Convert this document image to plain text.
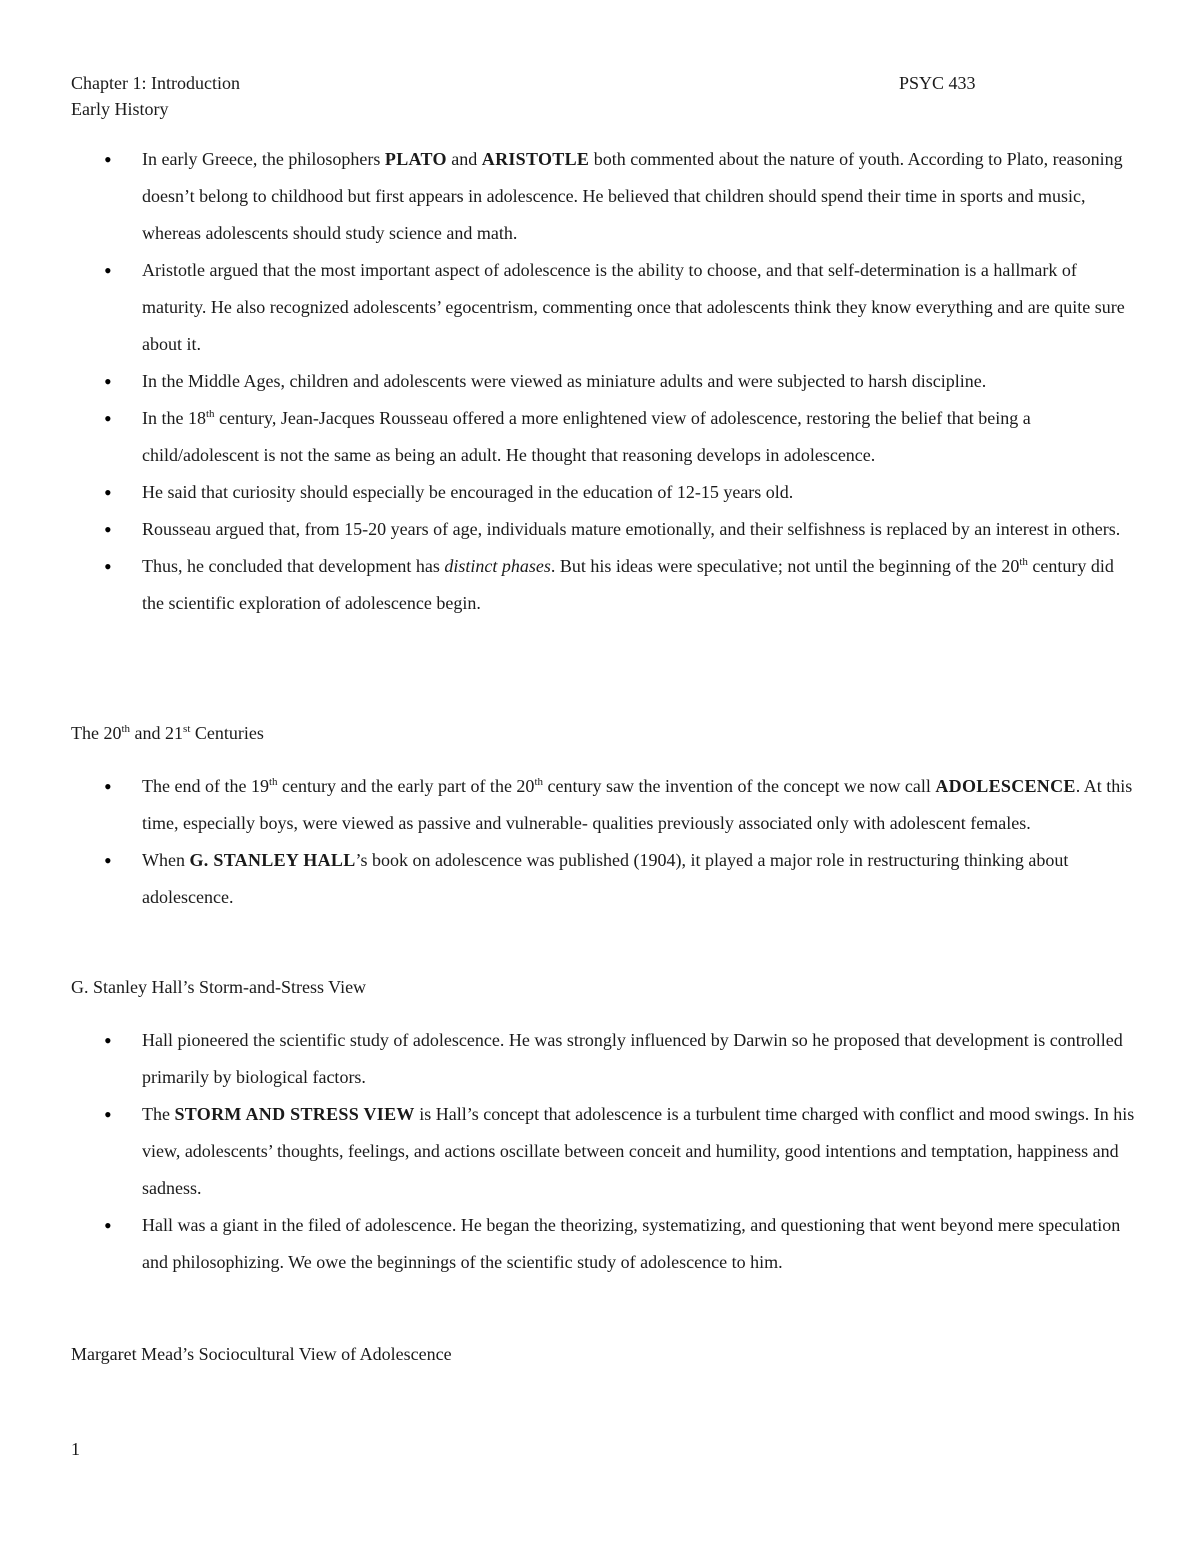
Chapter 1: Introduction
Early History
PSYC 433
• In early Greece, the philosophers PLATO and ARISTOTLE both commented about the nature of youth. According to Plato, reasoning doesn’t belong to childhood but first appears in adolescence. He believed that children should spend their time in sports and music, whereas adolescents should study science and math.
• Aristotle argued that the most important aspect of adolescence is the ability to choose, and that self-determination is a hallmark of maturity. He also recognized adolescents’ egocentrism, commenting once that adolescents think they know everything and are quite sure about it.
• In the Middle Ages, children and adolescents were viewed as miniature adults and were subjected to harsh discipline.
• In the 18th century, Jean-Jacques Rousseau offered a more enlightened view of adolescence, restoring the belief that being a child/adolescent is not the same as being an adult. He thought that reasoning develops in adolescence.
• He said that curiosity should especially be encouraged in the education of 12-15 years old.
• Rousseau argued that, from 15-20 years of age, individuals mature emotionally, and their selfishness is replaced by an interest in others.
• Thus, he concluded that development has distinct phases. But his ideas were speculative; not until the beginning of the 20th century did the scientific exploration of adolescence begin.
The 20th and 21st Centuries
• The end of the 19th century and the early part of the 20th century saw the invention of the concept we now call ADOLESCENCE. At this time, especially boys, were viewed as passive and vulnerable- qualities previously associated only with adolescent females.
• When G. STANLEY HALL’s book on adolescence was published (1904), it played a major role in restructuring thinking about adolescence.
G. Stanley Hall’s Storm-and-Stress View
• Hall pioneered the scientific study of adolescence. He was strongly influenced by Darwin so he proposed that development is controlled primarily by biological factors.
• The STORM AND STRESS VIEW is Hall’s concept that adolescence is a turbulent time charged with conflict and mood swings. In his view, adolescents’ thoughts, feelings, and actions oscillate between conceit and humility, good intentions and temptation, happiness and sadness.
• Hall was a giant in the filed of adolescence. He began the theorizing, systematizing, and questioning that went beyond mere speculation and philosophizing. We owe the beginnings of the scientific study of adolescence to him.
Margaret Mead’s Sociocultural View of Adolescence
1
